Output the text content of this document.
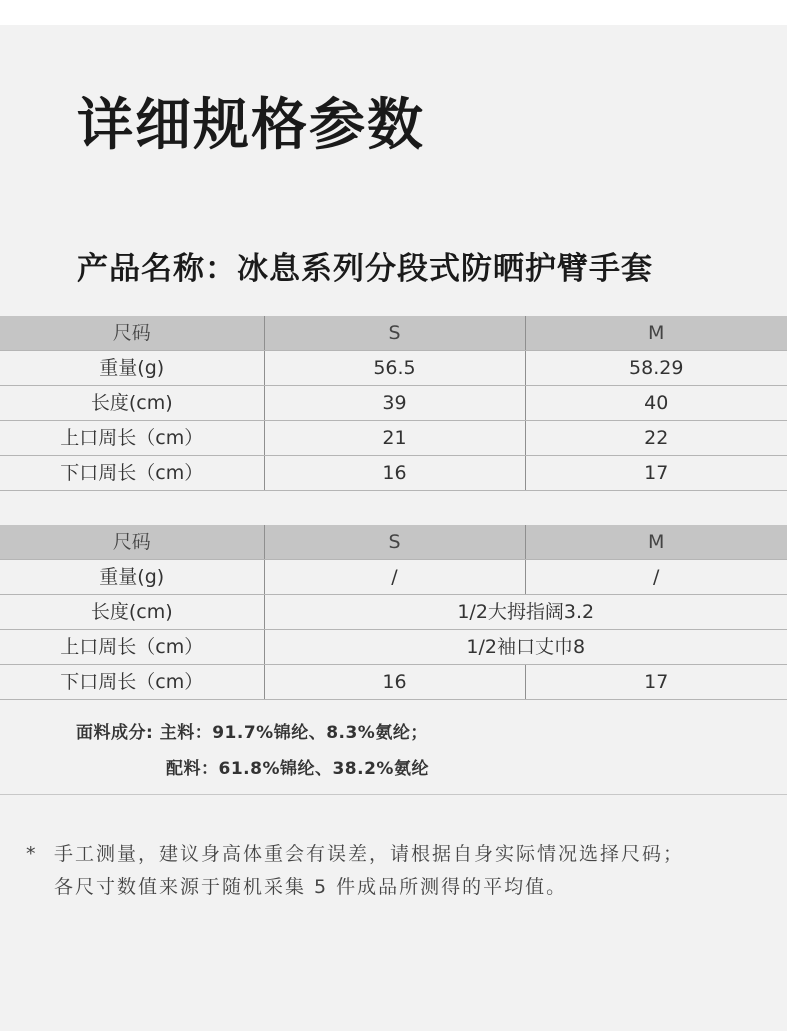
详细规格参数
产品名称：冰息系列分段式防晒护臂手套
尺码	S	M
重量(g)	56.5	58.29
长度(cm)	39	40
上口周长（cm）	21	22
下口周长（cm）	16	17
尺码	S	M
重量(g)	/	/
长度(cm)	1/2大拇指阔3.2	
上口周长（cm）	1/2袖口丈巾8	
下口周长（cm）	16	17
面料成分: 主料：91.7%锦纶、8.3%氨纶；
配料：61.8%锦纶、38.2%氨纶
* 手工测量，建议身高体重会有误差，请根据自身实际情况选择尺码；
各尺寸数值来源于随机采集 5 件成品所测得的平均值。
